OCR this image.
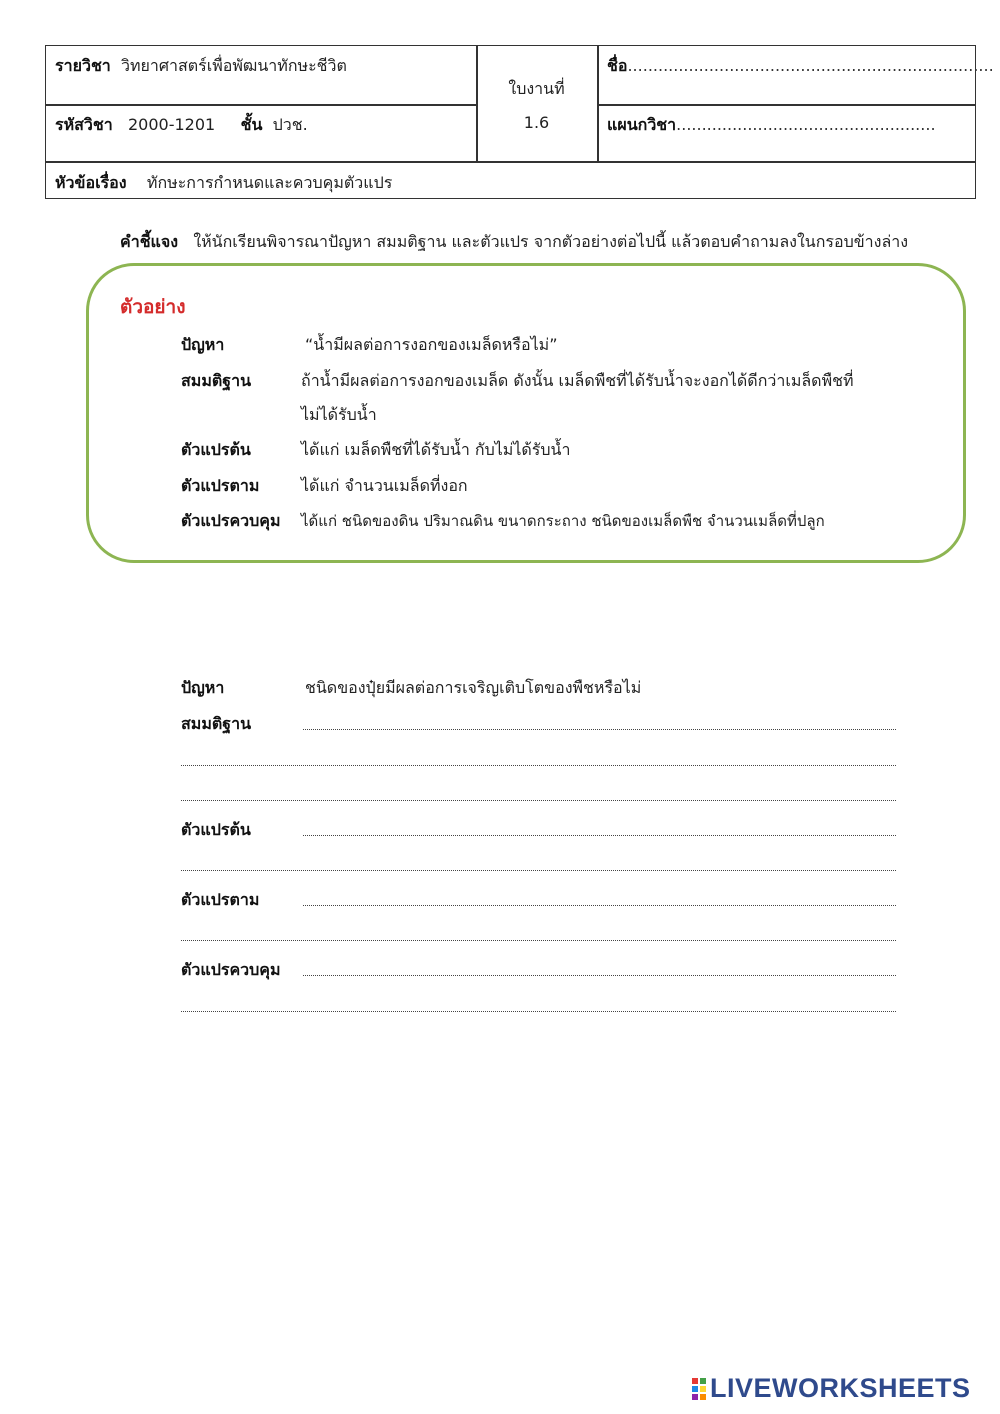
รายวิชา วิทยาศาสตร์เพื่อพัฒนาทักษะชีวิต
รหัสวิชา 2000-1201 ชั้น ปวช.
ใบงานที่
1.6
ชื่อ........................................................................
แผนกวิชา...................................................
หัวข้อเรื่อง ทักษะการกำหนดและควบคุมตัวแปร
คำชี้แจง ให้นักเรียนพิจารณาปัญหา สมมติฐาน และตัวแปร จากตัวอย่างต่อไปนี้ แล้วตอบคำถามลงในกรอบข้างล่าง
ตัวอย่าง
ปัญหา	“น้ำมีผลต่อการงอกของเมล็ดหรือไม่”
สมมติฐาน	ถ้าน้ำมีผลต่อการงอกของเมล็ด ดังนั้น เมล็ดพืชที่ได้รับน้ำจะงอกได้ดีกว่าเมล็ดพืชที่
ไม่ได้รับน้ำ
ตัวแปรต้น	ได้แก่ เมล็ดพืชที่ได้รับน้ำ กับไม่ได้รับน้ำ
ตัวแปรตาม	ได้แก่ จำนวนเมล็ดที่งอก
ตัวแปรควบคุม ได้แก่ ชนิดของดิน ปริมาณดิน ขนาดกระถาง ชนิดของเมล็ดพืช จำนวนเมล็ดที่ปลูก
ปัญหา	ชนิดของปุ๋ยมีผลต่อการเจริญเติบโตของพืชหรือไม่
สมมติฐาน
ตัวแปรต้น
ตัวแปรตาม
ตัวแปรควบคุม
LIVEWORKSHEETS
